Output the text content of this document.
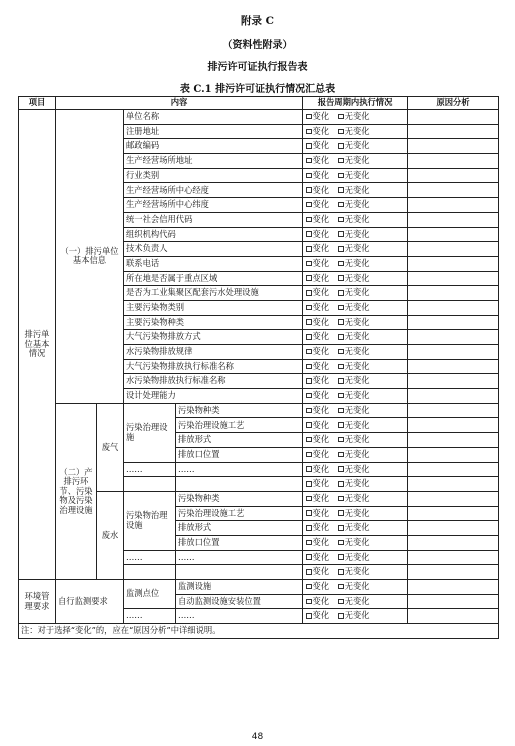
附录 C
（资料性附录）
排污许可证执行报告表
表 C.1 排污许可证执行情况汇总表
项目	内容				报告周期内执行情况	原因分析
排污单位基本情况	（一）排污单位基本信息		单位名称		变化 无变化	
			注册地址		变化 无变化	
			邮政编码		变化 无变化	
			生产经营场所地址		变化 无变化	
			行业类别		变化 无变化	
			生产经营场所中心经度		变化 无变化	
			生产经营场所中心纬度		变化 无变化	
			统一社会信用代码		变化 无变化	
			组织机构代码		变化 无变化	
			技术负责人		变化 无变化	
			联系电话		变化 无变化	
			所在地是否属于重点区域		变化 无变化	
			是否为工业集聚区配套污水处理设施		变化 无变化	
			主要污染物类别		变化 无变化	
			主要污染物种类		变化 无变化	
			大气污染物排放方式		变化 无变化	
			水污染物排放规律		变化 无变化	
			大气污染物排放执行标准名称		变化 无变化	
			水污染物排放执行标准名称		变化 无变化	
			设计处理能力		变化 无变化	
	（二）产排污环节、污染物及污染治理设施	废气	污染治理设施	污染物种类	变化 无变化	
				污染治理设施工艺	变化 无变化	
				排放形式	变化 无变化	
				排放口位置	变化 无变化	
			……	……	变化 无变化	
					变化 无变化	
		废水	污染物治理设施	污染物种类	变化 无变化	
				污染治理设施工艺	变化 无变化	
				排放形式	变化 无变化	
				排放口位置	变化 无变化	
			……	……	变化 无变化	
					变化 无变化	
环境管理要求	自行监测要求		监测点位	监测设施	变化 无变化	
				自动监测设施安装位置	变化 无变化	
			……	……	变化 无变化	
注：对于选择“变化”的，应在“原因分析”中详细说明。						
48
